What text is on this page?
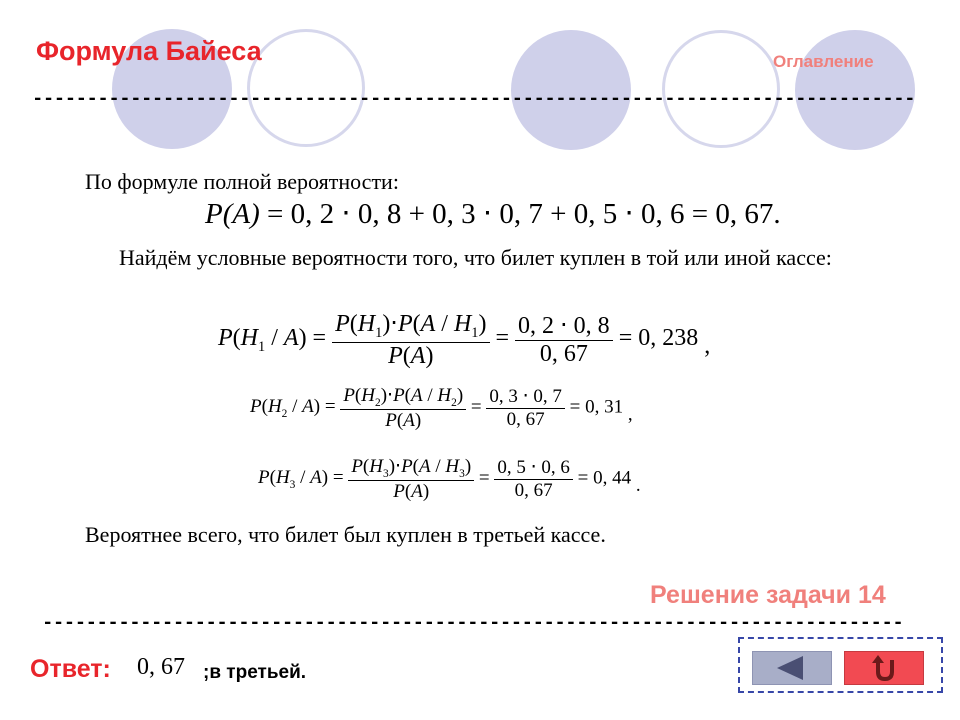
Формула Байеса	Оглавление
---------------------------------------------------------------------------------
По формуле полной вероятности:
P(A) = 0, 2 ⋅ 0, 8 + 0, 3 ⋅ 0, 7 + 0, 5 ⋅ 0, 6 = 0, 67.
Найдём условные вероятности того, что билет куплен в той или иной кассе:
$P(H_1 / A) = \frac{P(H_1)\cdot P(A / H_1)}{P(A)} = \frac{0, 2 \cdot 0, 8}{0, 67} = 0$, 238 ,
$P(H_2 / A) = \frac{P(H_2)\cdot P(A / H_2)}{P(A)} = \frac{0, 3 \cdot 0, 7}{0, 67} = 0$, 31 ,
$P(H_3 / A) = \frac{P(H_3)\cdot P(A / H_3)}{P(A)} = \frac{0, 5 \cdot 0, 6}{0, 67} = 0$, 44 .
Вероятнее всего, что билет был куплен в третьей кассе.
Решение задачи 14
-------------------------------------------------------------------------------
Ответ: 0, 67 ;в третьей.
